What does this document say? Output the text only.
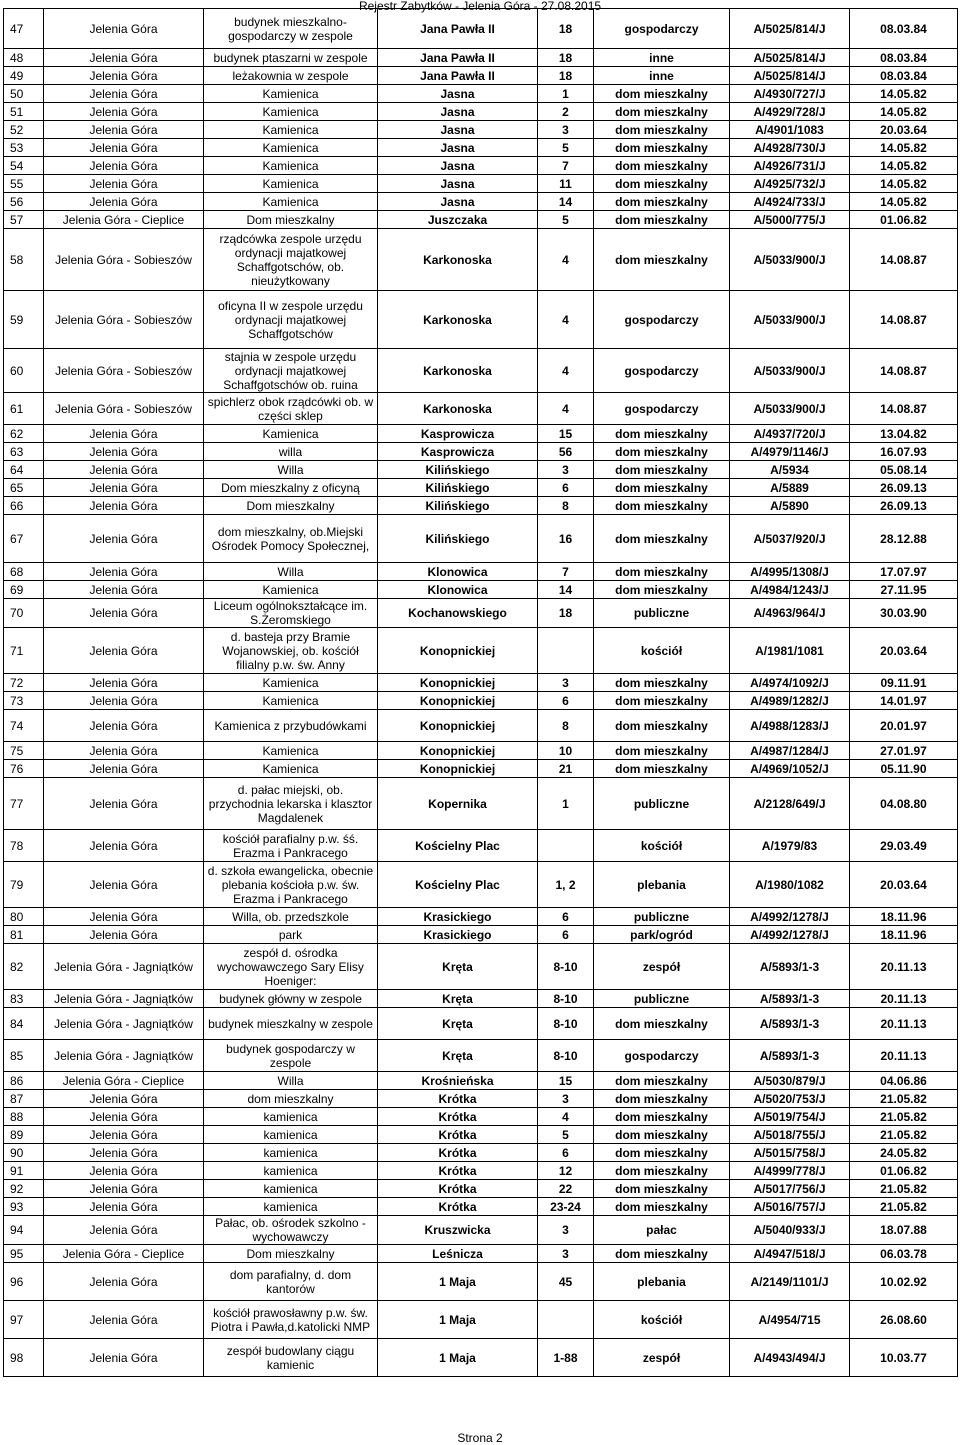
Rejestr Zabytków - Jelenia Góra - 27.08.2015
47	Jelenia Góra	budynek mieszkalno-gospodarczy w zespole	Jana Pawła II	18	gospodarczy	A/5025/814/J	08.03.84
48	Jelenia Góra	budynek ptaszarni w zespole	Jana Pawła II	18	inne	A/5025/814/J	08.03.84
49	Jelenia Góra	leżakownia w zespole	Jana Pawła II	18	inne	A/5025/814/J	08.03.84
50	Jelenia Góra	Kamienica	Jasna	1	dom mieszkalny	A/4930/727/J	14.05.82
51	Jelenia Góra	Kamienica	Jasna	2	dom mieszkalny	A/4929/728/J	14.05.82
52	Jelenia Góra	Kamienica	Jasna	3	dom mieszkalny	A/4901/1083	20.03.64
53	Jelenia Góra	Kamienica	Jasna	5	dom mieszkalny	A/4928/730/J	14.05.82
54	Jelenia Góra	Kamienica	Jasna	7	dom mieszkalny	A/4926/731/J	14.05.82
55	Jelenia Góra	Kamienica	Jasna	11	dom mieszkalny	A/4925/732/J	14.05.82
56	Jelenia Góra	Kamienica	Jasna	14	dom mieszkalny	A/4924/733/J	14.05.82
57	Jelenia Góra - Cieplice	Dom mieszkalny	Juszczaka	5	dom mieszkalny	A/5000/775/J	01.06.82
58	Jelenia Góra - Sobieszów	rządcówka zespole urzędu ordynacji majatkowej Schaffgotschów, ob. nieużytkowany	Karkonoska	4	dom mieszkalny	A/5033/900/J	14.08.87
59	Jelenia Góra - Sobieszów	oficyna II w zespole urzędu ordynacji majatkowej Schaffgotschów	Karkonoska	4	gospodarczy	A/5033/900/J	14.08.87
60	Jelenia Góra - Sobieszów	stajnia w zespole urzędu ordynacji majatkowej Schaffgotschów ob. ruina	Karkonoska	4	gospodarczy	A/5033/900/J	14.08.87
61	Jelenia Góra - Sobieszów	spichlerz obok rządcówki ob. w części sklep	Karkonoska	4	gospodarczy	A/5033/900/J	14.08.87
62	Jelenia Góra	Kamienica	Kasprowicza	15	dom mieszkalny	A/4937/720/J	13.04.82
63	Jelenia Góra	willa	Kasprowicza	56	dom mieszkalny	A/4979/1146/J	16.07.93
64	Jelenia Góra	Willa	Kilińskiego	3	dom mieszkalny	A/5934	05.08.14
65	Jelenia Góra	Dom mieszkalny z oficyną	Kilińskiego	6	dom mieszkalny	A/5889	26.09.13
66	Jelenia Góra	Dom mieszkalny	Kilińskiego	8	dom mieszkalny	A/5890	26.09.13
67	Jelenia Góra	dom mieszkalny, ob.Miejski Ośrodek Pomocy Społecznej,	Kilińskiego	16	dom mieszkalny	A/5037/920/J	28.12.88
68	Jelenia Góra	Willa	Klonowica	7	dom mieszkalny	A/4995/1308/J	17.07.97
69	Jelenia Góra	Kamienica	Klonowica	14	dom mieszkalny	A/4984/1243/J	27.11.95
70	Jelenia Góra	Liceum ogólnokształcące im. S.Żeromskiego	Kochanowskiego	18	publiczne	A/4963/964/J	30.03.90
71	Jelenia Góra	d. basteja przy Bramie Wojanowskiej, ob. kościół filialny p.w. św. Anny	Konopnickiej		kościół	A/1981/1081	20.03.64
72	Jelenia Góra	Kamienica	Konopnickiej	3	dom mieszkalny	A/4974/1092/J	09.11.91
73	Jelenia Góra	Kamienica	Konopnickiej	6	dom mieszkalny	A/4989/1282/J	14.01.97
74	Jelenia Góra	Kamienica z przybudówkami	Konopnickiej	8	dom mieszkalny	A/4988/1283/J	20.01.97
75	Jelenia Góra	Kamienica	Konopnickiej	10	dom mieszkalny	A/4987/1284/J	27.01.97
76	Jelenia Góra	Kamienica	Konopnickiej	21	dom mieszkalny	A/4969/1052/J	05.11.90
77	Jelenia Góra	d. pałac miejski, ob. przychodnia lekarska i klasztor Magdalenek	Kopernika	1	publiczne	A/2128/649/J	04.08.80
78	Jelenia Góra	kościół parafialny p.w. śś. Erazma i Pankracego	Kościelny Plac		kościół	A/1979/83	29.03.49
79	Jelenia Góra	d. szkoła ewangelicka, obecnie plebania kościoła p.w. św. Erazma i Pankracego	Kościelny Plac	1, 2	plebania	A/1980/1082	20.03.64
80	Jelenia Góra	Willa, ob. przedszkole	Krasickiego	6	publiczne	A/4992/1278/J	18.11.96
81	Jelenia Góra	park	Krasickiego	6	park/ogród	A/4992/1278/J	18.11.96
82	Jelenia Góra - Jagniątków	zespół d. ośrodka wychowawczego Sary Elisy Hoeniger:	Kręta	8-10	zespół	A/5893/1-3	20.11.13
83	Jelenia Góra - Jagniątków	budynek główny w zespole	Kręta	8-10	publiczne	A/5893/1-3	20.11.13
84	Jelenia Góra - Jagniątków	budynek mieszkalny w zespole	Kręta	8-10	dom mieszkalny	A/5893/1-3	20.11.13
85	Jelenia Góra - Jagniątków	budynek gospodarczy w zespole	Kręta	8-10	gospodarczy	A/5893/1-3	20.11.13
86	Jelenia Góra - Cieplice	Willa	Krośnieńska	15	dom mieszkalny	A/5030/879/J	04.06.86
87	Jelenia Góra	dom mieszkalny	Krótka	3	dom mieszkalny	A/5020/753/J	21.05.82
88	Jelenia Góra	kamienica	Krótka	4	dom mieszkalny	A/5019/754/J	21.05.82
89	Jelenia Góra	kamienica	Krótka	5	dom mieszkalny	A/5018/755/J	21.05.82
90	Jelenia Góra	kamienica	Krótka	6	dom mieszkalny	A/5015/758/J	24.05.82
91	Jelenia Góra	kamienica	Krótka	12	dom mieszkalny	A/4999/778/J	01.06.82
92	Jelenia Góra	kamienica	Krótka	22	dom mieszkalny	A/5017/756/J	21.05.82
93	Jelenia Góra	kamienica	Krótka	23-24	dom mieszkalny	A/5016/757/J	21.05.82
94	Jelenia Góra	Pałac, ob. ośrodek szkolno - wychowawczy	Kruszwicka	3	pałac	A/5040/933/J	18.07.88
95	Jelenia Góra - Cieplice	Dom mieszkalny	Leśnicza	3	dom mieszkalny	A/4947/518/J	06.03.78
96	Jelenia Góra	dom parafialny, d. dom kantorów	1 Maja	45	plebania	A/2149/1101/J	10.02.92
97	Jelenia Góra	kościół prawosławny p.w. św. Piotra i Pawła,d.katolicki NMP	1 Maja		kościół	A/4954/715	26.08.60
98	Jelenia Góra	zespół budowlany ciągu kamienic	1 Maja	1-88	zespół	A/4943/494/J	10.03.77
Strona 2
